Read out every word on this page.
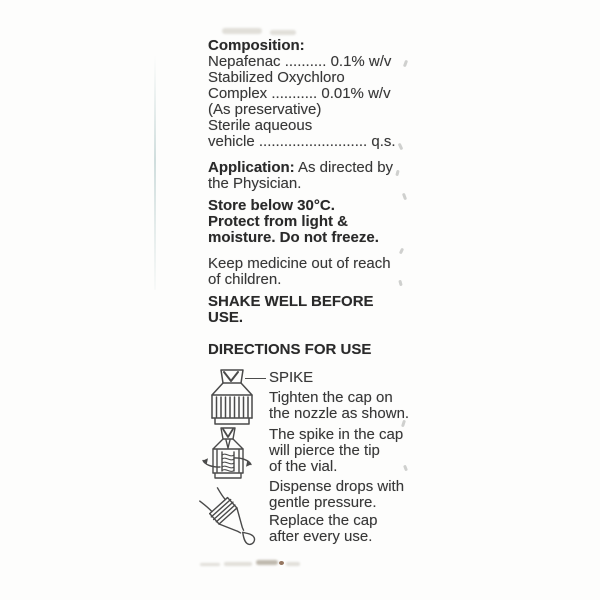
Composition:
Nepafenac .......... 0.1% w/v
Stabilized Oxychloro
Complex ........... 0.01% w/v
(As preservative)
Sterile aqueous
vehicle .......................... q.s.
Application: As directed by
the Physician.
Store below 30°C.
Protect from light &
moisture. Do not freeze.
Keep medicine out of reach
of children.
SHAKE WELL BEFORE
USE.
DIRECTIONS FOR USE
SPIKE
Tighten the cap on
the nozzle as shown.
The spike in the cap
will pierce the tip
of the vial.
Dispense drops with
gentle pressure.
Replace the cap
after every use.
